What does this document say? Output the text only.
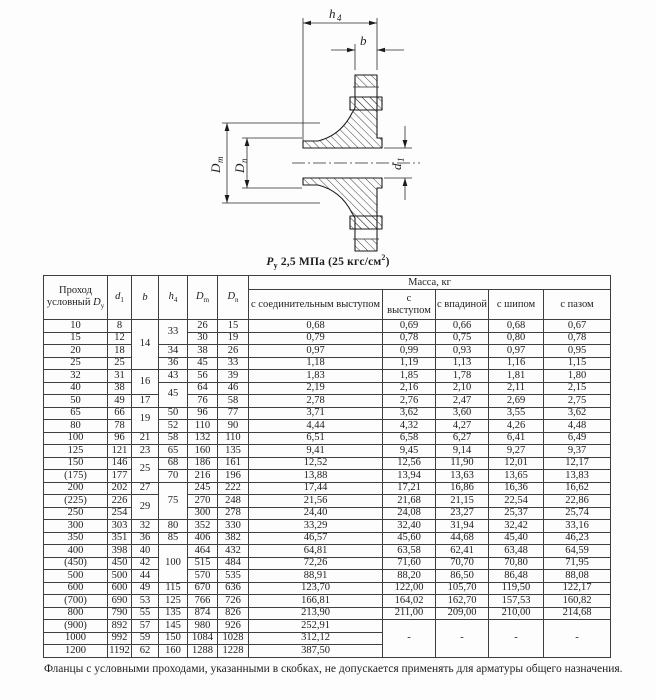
h 4
b
D
m
D
n
d
1
$P_у$ 2,5 МПа (25 кгс/$см^2$)
Проход условный $D_y$	$d_1$	b	$h_4$	$D_m$	$D_n$	Масса, кг				
						с соединительным выступом	с выступом	с впадиной	с шипом	с пазом
10	8	14	33	26	15	0,68	0,69	0,66	0,68	0,67
15	12			30	19	0,79	0,78	0,75	0,80	0,78
20	18		34	38	26	0,97	0,99	0,93	0,97	0,95
25	25		36	45	33	1,18	1,19	1,13	1,16	1,15
32	31	16	43	56	39	1,83	1,85	1,78	1,81	1,80
40	38		45	64	46	2,19	2,16	2,10	2,11	2,15
50	49	17		76	58	2,78	2,76	2,47	2,69	2,75
65	66	19	50	96	77	3,71	3,62	3,60	3,55	3,62
80	78		52	110	90	4,44	4,32	4,27	4,26	4,48
100	96	21	58	132	110	6,51	6,58	6,27	6,41	6,49
125	121	23	65	160	135	9,41	9,45	9,14	9,27	9,37
150	146	25	68	186	161	12,52	12,56	11,90	12,01	12,17
(175)	177		70	216	196	13,88	13,94	13,63	13,65	13,83
200	202	27	75	245	222	17,44	17,21	16,86	16,36	16,62
(225)	226	29		270	248	21,56	21,68	21,15	22,54	22,86
250	254			300	278	24,40	24,08	23,27	25,37	25,74
300	303	32	80	352	330	33,29	32,40	31,94	32,42	33,16
350	351	36	85	406	382	46,57	45,60	44,68	45,40	46,23
400	398	40	100	464	432	64,81	63,58	62,41	63,48	64,59
(450)	450	42		515	484	72,26	71,60	70,70	70,80	71,95
500	500	44		570	535	88,91	88,20	86,50	86,48	88,08
600	600	49	115	670	636	123,70	122,00	105,70	119,50	122,17
(700)	690	53	125	766	726	166,81	164,02	162,70	157,53	160,82
800	790	55	135	874	826	213,90	211,00	209,00	210,00	214,68
(900)	892	57	145	980	926	252,91	-	-	-	-
1000	992	59	150	1084	1028	312,12				
1200	1192	62	160	1288	1228	387,50				
Фланцы с условными проходами, указанными в скобках, не допускается применять для арматуры общего назначения.
